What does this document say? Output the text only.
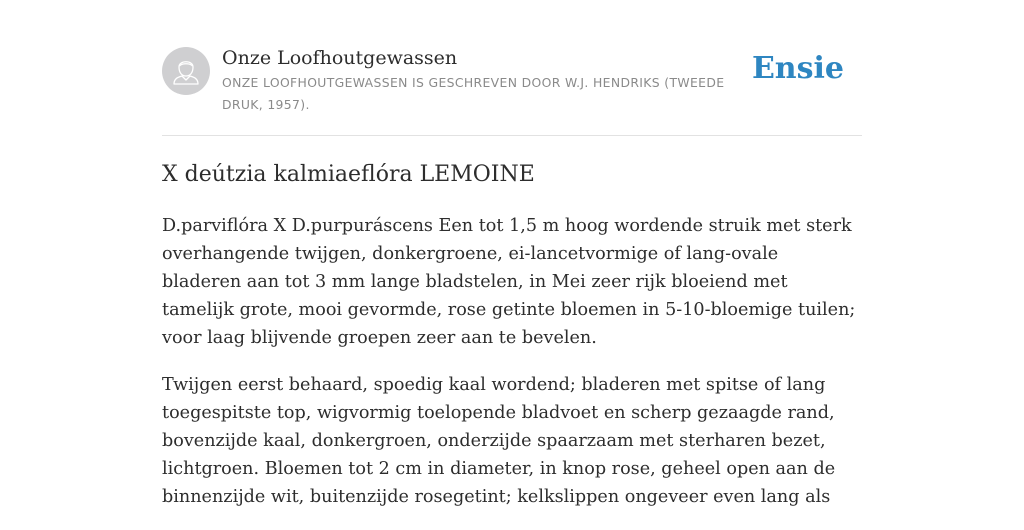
Onze Loofhoutgewassen
ONZE LOOFHOUTGEWASSEN IS GESCHREVEN DOOR W.J. HENDRIKS (TWEEDE DRUK, 1957).
Ensie
X deútzia kalmiaeflóra LEMOINE

D.parviflóra X D.purpuráscens Een tot 1,5 m hoog wordende struik met sterk overhangende twijgen, donkergroene, ei-lancetvormige of lang-ovale bladeren aan tot 3 mm lange bladstelen, in Mei zeer rijk bloeiend met tamelijk grote, mooi gevormde, rose getinte bloemen in 5-10-bloemige tuilen; voor laag blijvende groepen zeer aan te bevelen.

Twijgen eerst behaard, spoedig kaal wordend; bladeren met spitse of lang toegespitste top, wigvormig toelopende bladvoet en scherp gezaagde rand, bovenzijde kaal, donkergroen, onderzijde spaarzaam met sterharen bezet, lichtgroen. Bloemen tot 2 cm in diameter, in knop rose, geheel open aan de binnenzijde wit, buitenzijde rosegetint; kelkslippen ongeveer even lang als
